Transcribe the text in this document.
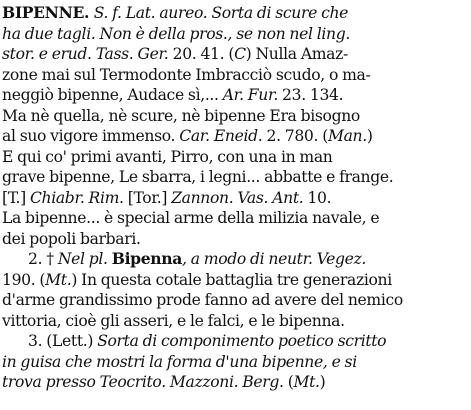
BIPENNE. S. f. Lat. aureo. Sorta di scure che
ha due tagli. Non è della pros., se non nel ling.
stor. e erud. Tass. Ger. 20. 41. (C) Nulla Amaz-
zone mai sul Termodonte Imbracciò scudo, o ma-
neggiò bipenne, Audace sì,... Ar. Fur. 23. 134.
Ma nè quella, nè scure, nè bipenne Era bisogno
al suo vigore immenso. Car. Eneid. 2. 780. (Man.)
E qui co' primi avanti, Pirro, con una in man
grave bipenne, Le sbarra, i legni... abbatte e frange.
[T.] Chiabr. Rim. [Tor.] Zannon. Vas. Ant. 10.
La bipenne... è special arme della milizia navale, e
dei popoli barbari.
2. † Nel pl. Bipenna, a modo di neutr. Vegez.
190. (Mt.) In questa cotale battaglia tre generazioni
d'arme grandissimo prode fanno ad avere del nemico
vittoria, cioè gli asseri, e le falci, e le bipenna.
3. (Lett.) Sorta di componimento poetico scritto
in guisa che mostri la forma d'una bipenne, e si
trova presso Teocrito. Mazzoni. Berg. (Mt.)
